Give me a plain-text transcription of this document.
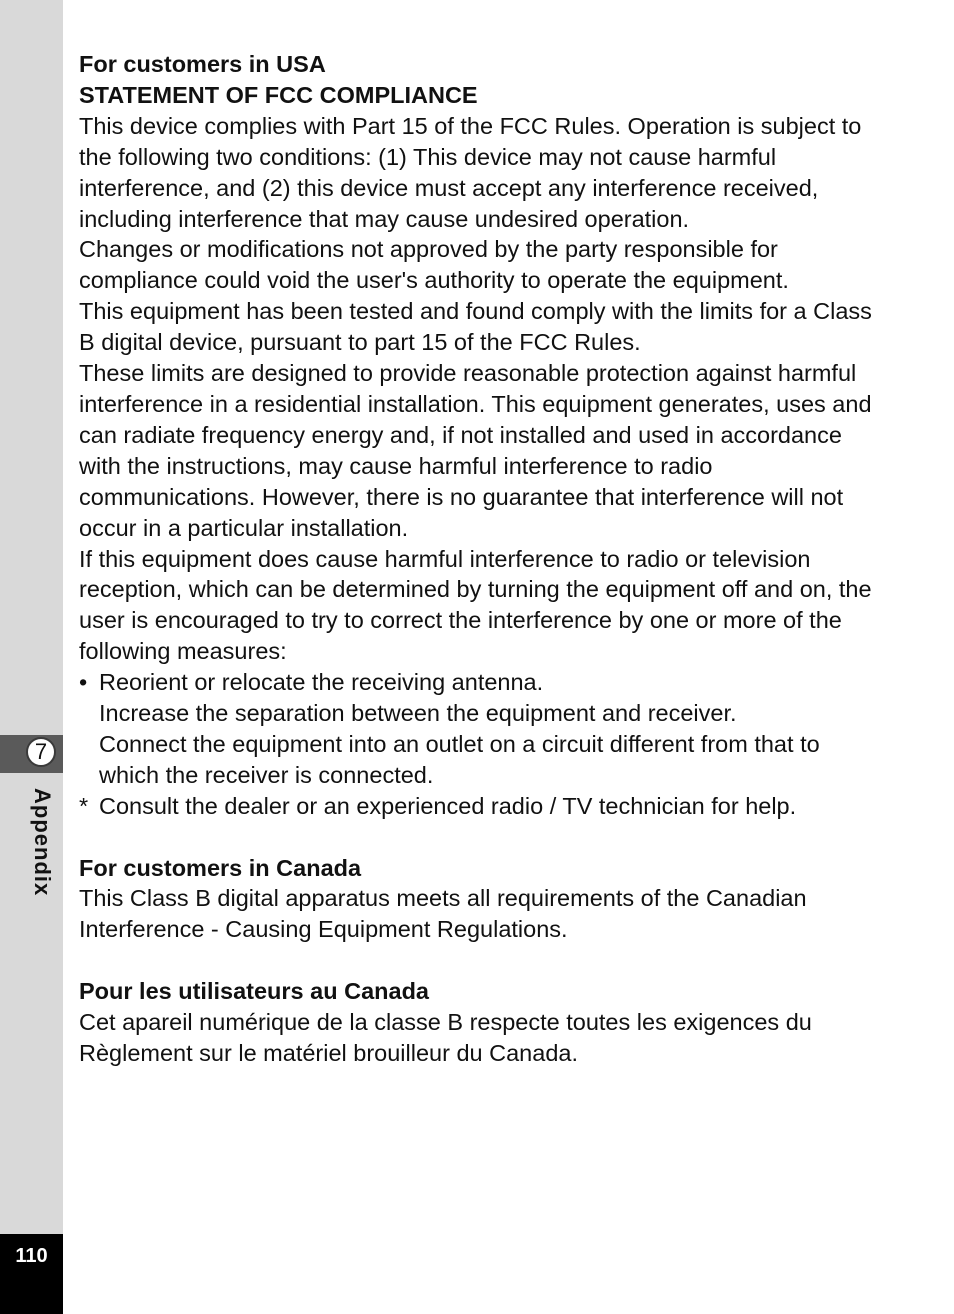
7
Appendix
110

For customers in USA

STATEMENT OF FCC COMPLIANCE

This device complies with Part 15 of the FCC Rules. Operation is subject to the following two conditions: (1) This device may not cause harmful interference, and (2) this device must accept any interference received, including interference that may cause undesired operation.

Changes or modifications not approved by the party responsible for compliance could void the user's authority to operate the equipment.

This equipment has been tested and found comply with the limits for a Class B digital device, pursuant to part 15 of the FCC Rules.

These limits are designed to provide reasonable protection against harmful interference in a residential installation. This equipment generates, uses and can radiate frequency energy and, if not installed and used in accordance with the instructions, may cause harmful interference to radio communications. However, there is no guarantee that interference will not occur in a particular installation.

If this equipment does cause harmful interference to radio or television reception, which can be determined by turning the equipment off and on, the user is encouraged to try to correct the interference by one or more of the following measures:

• Reorient or relocate the receiving antenna.

Increase the separation between the equipment and receiver.

Connect the equipment into an outlet on a circuit different from that to which the receiver is connected.

* Consult the dealer or an experienced radio / TV technician for help.

For customers in Canada

This Class B digital apparatus meets all requirements of the Canadian Interference - Causing Equipment Regulations.

Pour les utilisateurs au Canada

Cet apareil numérique de la classe B respecte toutes les exigences du Règlement sur le matériel brouilleur du Canada.
